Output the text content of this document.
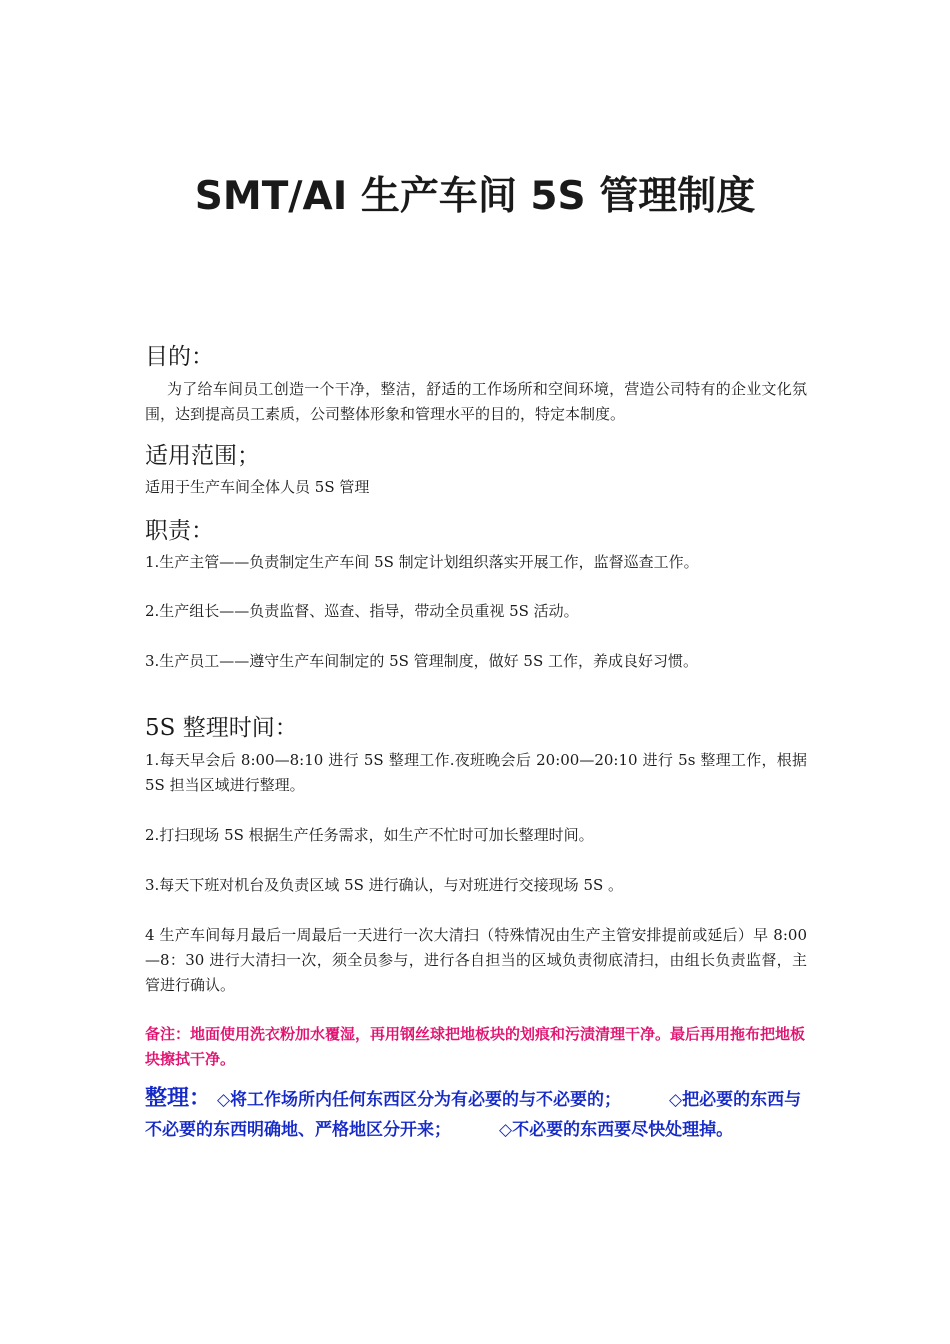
SMT/AI 生产车间 5S 管理制度
目的：
为了给车间员工创造一个干净，整洁，舒适的工作场所和空间环境，营造公司特有的企业文化氛围，达到提高员工素质，公司整体形象和管理水平的目的，特定本制度。
适用范围；
适用于生产车间全体人员 5S 管理
职责：
1.生产主管——负责制定生产车间 5S 制定计划组织落实开展工作，监督巡查工作。
2.生产组长——负责监督、巡查、指导，带动全员重视 5S 活动。
3.生产员工——遵守生产车间制定的 5S 管理制度，做好 5S 工作，养成良好习惯。
5S 整理时间：
1.每天早会后 8:00—8:10 进行 5S 整理工作.夜班晚会后 20:00—20:10 进行 5s 整理工作，根据 5S 担当区域进行整理。
2.打扫现场 5S 根据生产任务需求，如生产不忙时可加长整理时间。
3.每天下班对机台及负责区域 5S 进行确认，与对班进行交接现场 5S 。
4 生产车间每月最后一周最后一天进行一次大清扫（特殊情况由生产主管安排提前或延后）早 8:00—8：30 进行大清扫一次，须全员参与，进行各自担当的区域负责彻底清扫，由组长负责监督，主管进行确认。
备注：地面使用洗衣粉加水覆湿，再用钢丝球把地板块的划痕和污渍清理干净。最后再用拖布把地板块擦拭干净。
整理： ◇将工作场所内任何东西区分为有必要的与不必要的；	◇把必要的东西与不必要的东西明确地、严格地区分开来；	◇不必要的东西要尽快处理掉。
